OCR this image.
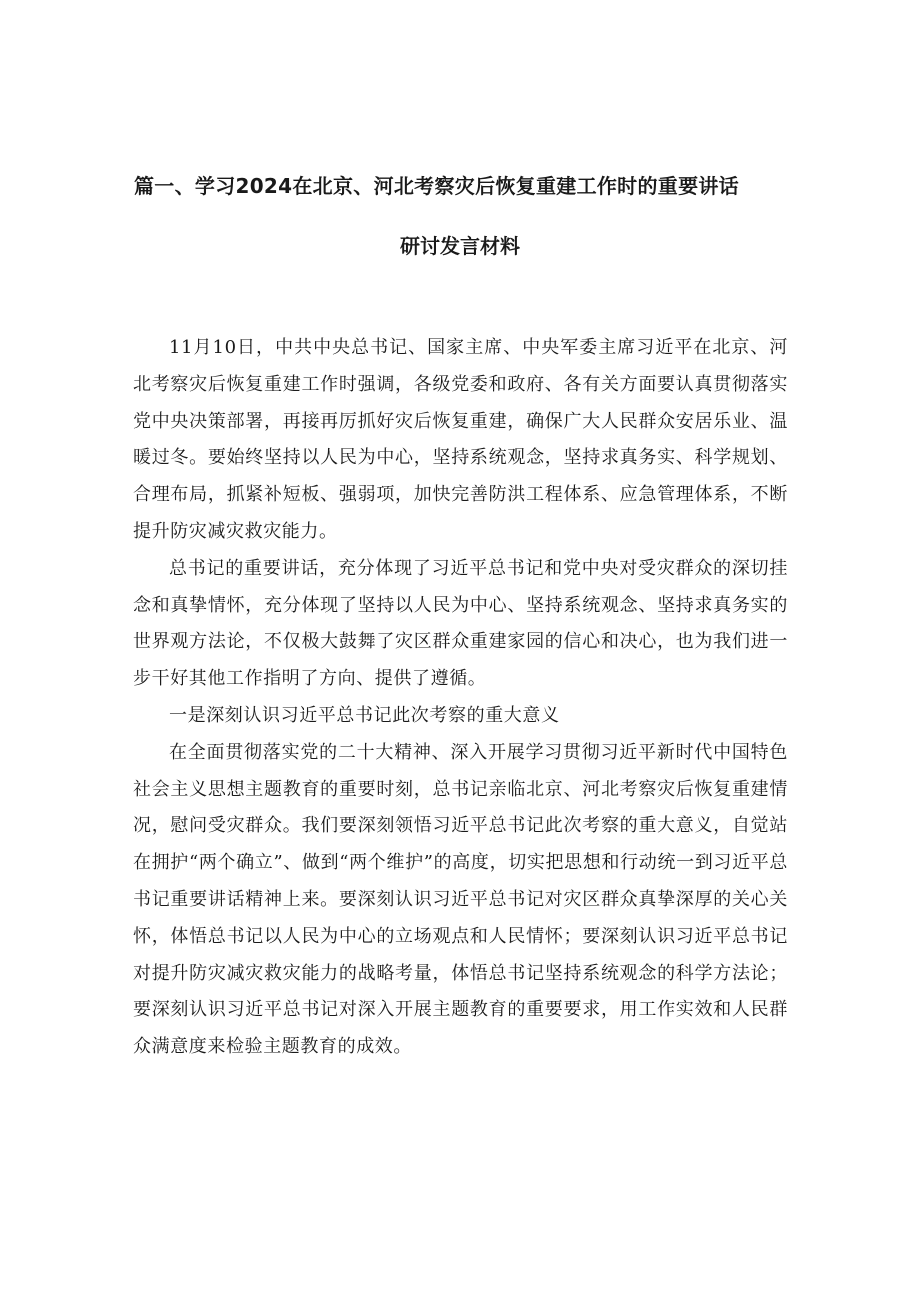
篇一、学习2024在北京、河北考察灾后恢复重建工作时的重要讲话
研讨发言材料

11月10日，中共中央总书记、国家主席、中央军委主席习近平在北京、河北考察灾后恢复重建工作时强调，各级党委和政府、各有关方面要认真贯彻落实党中央决策部署，再接再厉抓好灾后恢复重建，确保广大人民群众安居乐业、温暖过冬。要始终坚持以人民为中心，坚持系统观念，坚持求真务实、科学规划、合理布局，抓紧补短板、强弱项，加快完善防洪工程体系、应急管理体系，不断提升防灾减灾救灾能力。

总书记的重要讲话，充分体现了习近平总书记和党中央对受灾群众的深切挂念和真挚情怀，充分体现了坚持以人民为中心、坚持系统观念、坚持求真务实的世界观方法论，不仅极大鼓舞了灾区群众重建家园的信心和决心，也为我们进一步干好其他工作指明了方向、提供了遵循。

一是深刻认识习近平总书记此次考察的重大意义

在全面贯彻落实党的二十大精神、深入开展学习贯彻习近平新时代中国特色社会主义思想主题教育的重要时刻，总书记亲临北京、河北考察灾后恢复重建情况，慰问受灾群众。我们要深刻领悟习近平总书记此次考察的重大意义，自觉站在拥护“两个确立”、做到“两个维护”的高度，切实把思想和行动统一到习近平总书记重要讲话精神上来。要深刻认识习近平总书记对灾区群众真挚深厚的关心关怀，体悟总书记以人民为中心的立场观点和人民情怀；要深刻认识习近平总书记对提升防灾减灾救灾能力的战略考量，体悟总书记坚持系统观念的科学方法论；要深刻认识习近平总书记对深入开展主题教育的重要要求，用工作实效和人民群众满意度来检验主题教育的成效。
